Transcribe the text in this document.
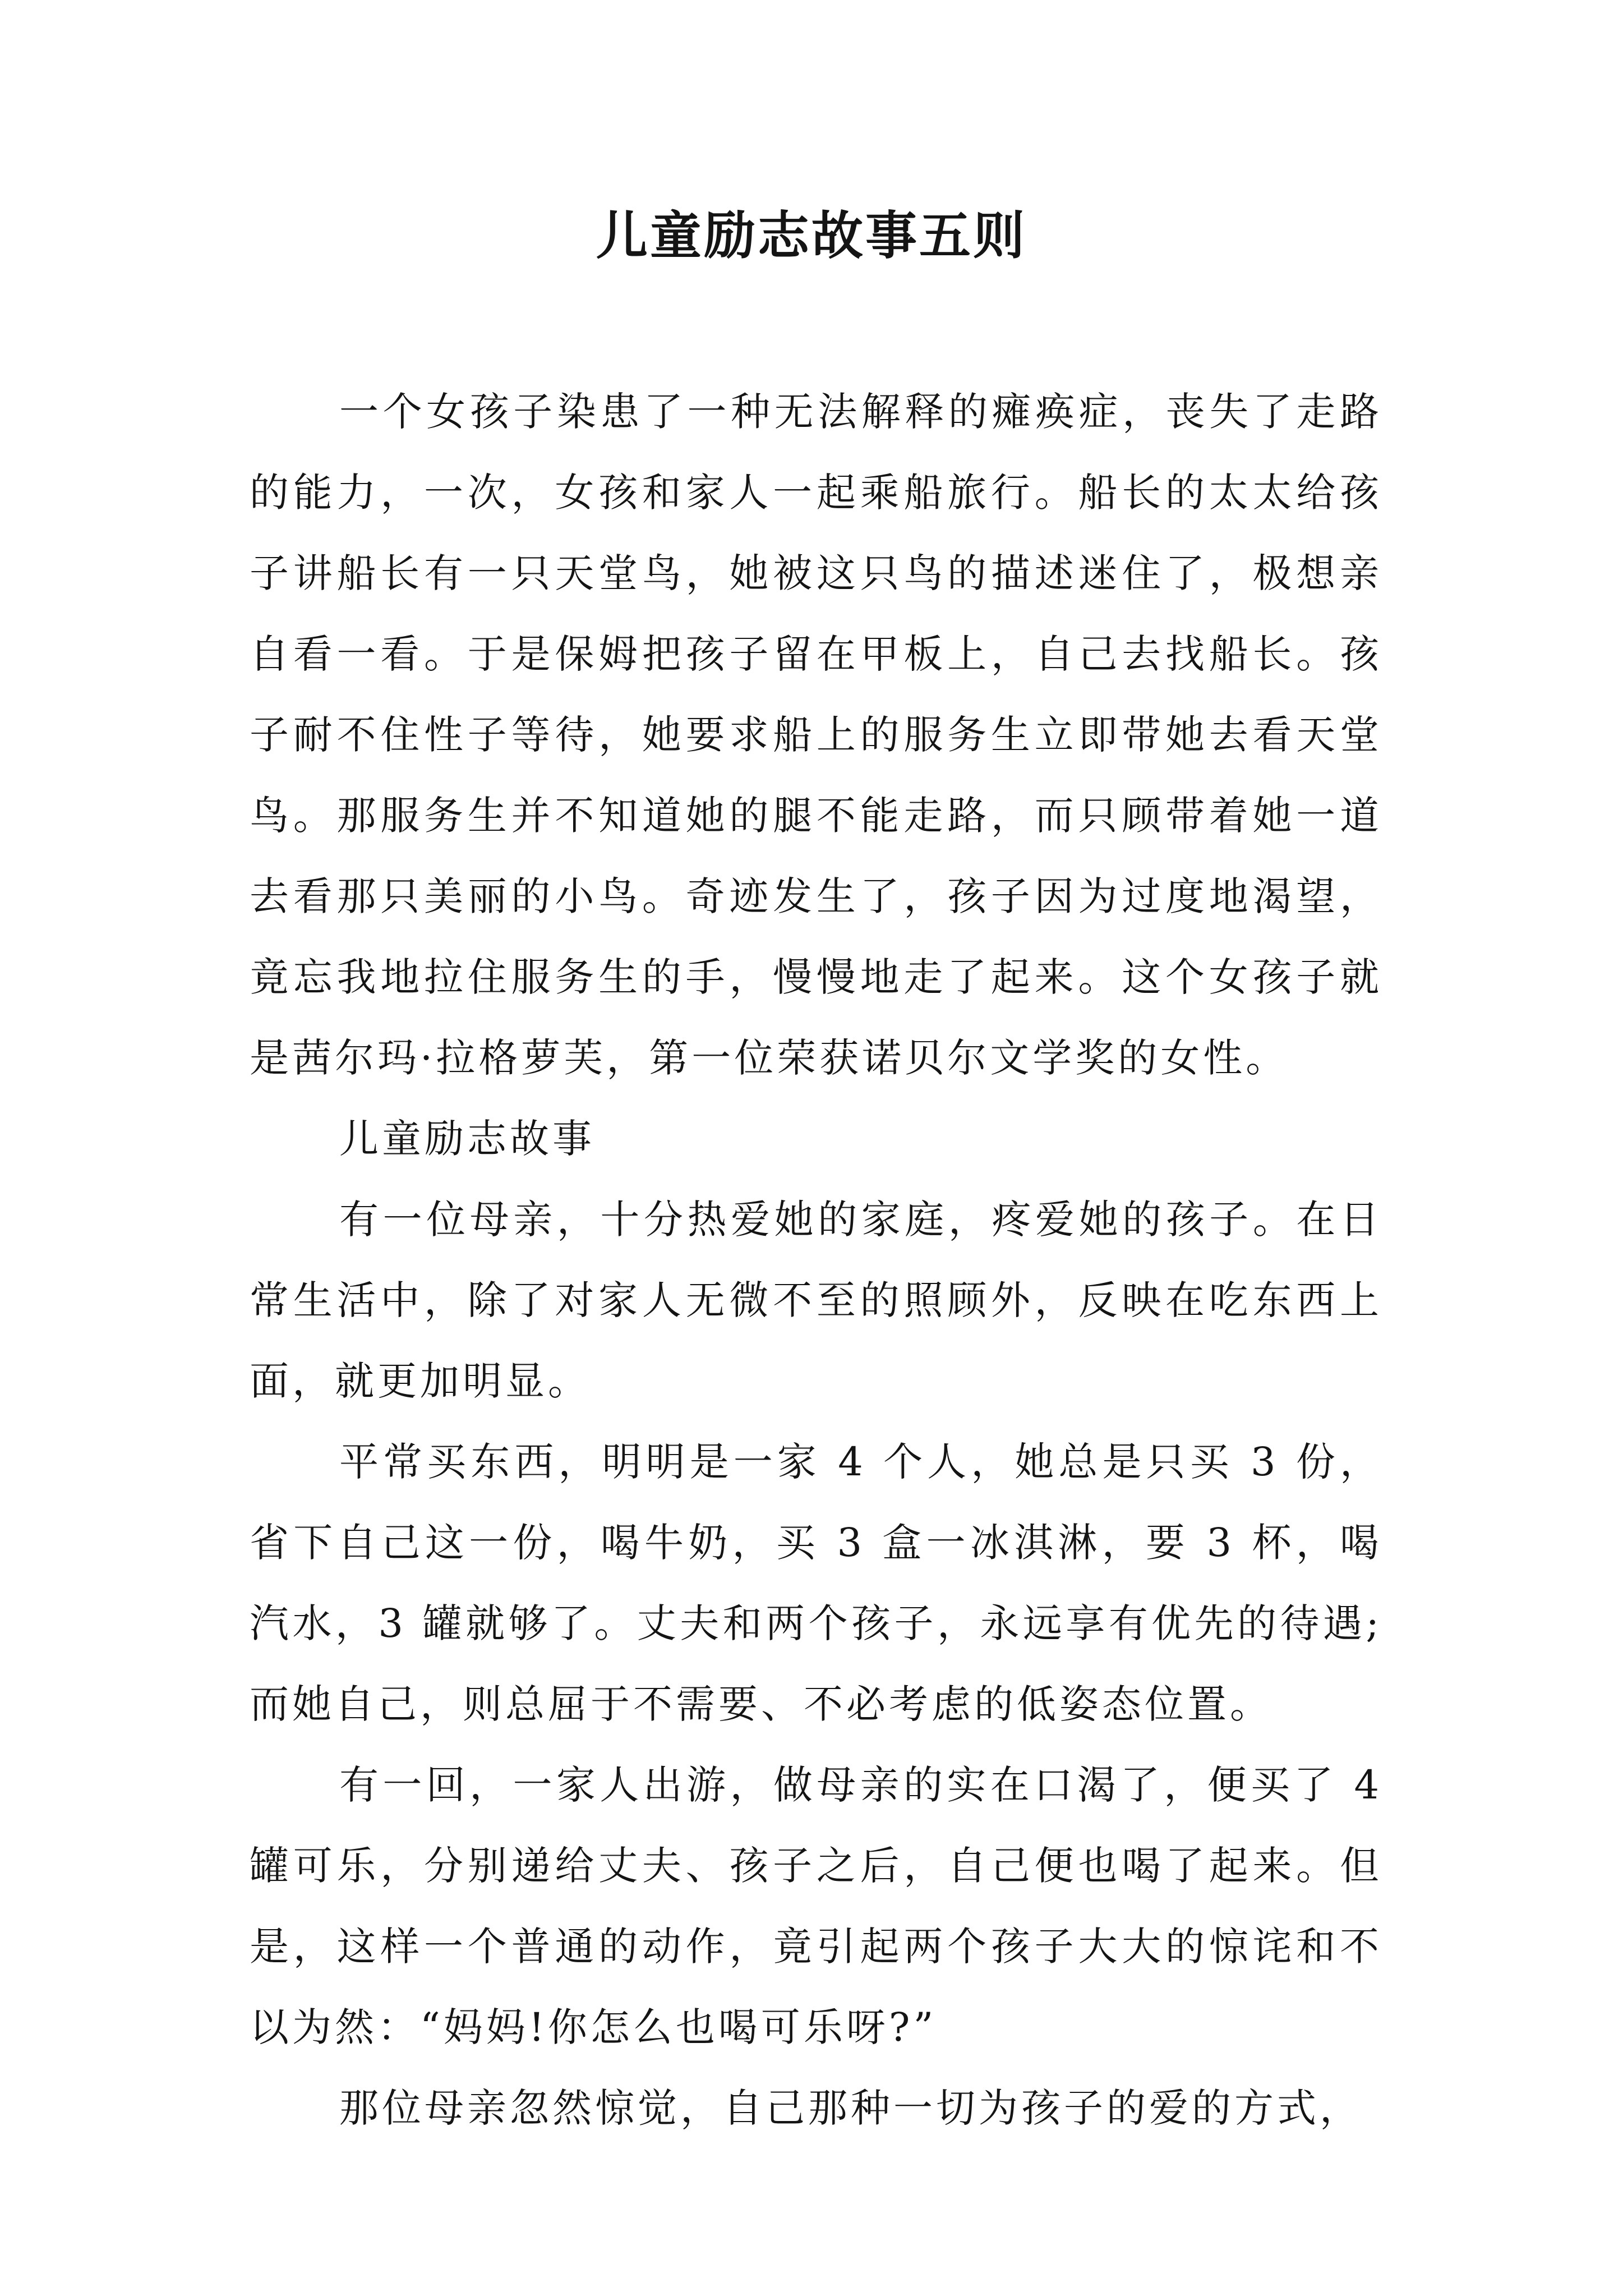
儿童励志故事五则

一个女孩子染患了一种无法解释的瘫痪症，丧失了走路的能力，一次，女孩和家人一起乘船旅行。船长的太太给孩子讲船长有一只天堂鸟，她被这只鸟的描述迷住了，极想亲自看一看。于是保姆把孩子留在甲板上，自己去找船长。孩子耐不住性子等待，她要求船上的服务生立即带她去看天堂鸟。那服务生并不知道她的腿不能走路，而只顾带着她一道去看那只美丽的小鸟。奇迹发生了，孩子因为过度地渴望，竟忘我地拉住服务生的手，慢慢地走了起来。这个女孩子就是茜尔玛·拉格萝芙，第一位荣获诺贝尔文学奖的女性。

儿童励志故事

有一位母亲，十分热爱她的家庭，疼爱她的孩子。在日常生活中，除了对家人无微不至的照顾外，反映在吃东西上面，就更加明显。

平常买东西，明明是一家 4 个人，她总是只买 3 份，省下自己这一份，喝牛奶，买 3 盒一冰淇淋，要 3 杯，喝汽水，3 罐就够了。丈夫和两个孩子，永远享有优先的待遇;而她自己，则总屈于不需要、不必考虑的低姿态位置。

有一回，一家人出游，做母亲的实在口渴了，便买了 4 罐可乐，分别递给丈夫、孩子之后，自己便也喝了起来。但是，这样一个普通的动作，竟引起两个孩子大大的惊诧和不以为然：“妈妈!你怎么也喝可乐呀?”

那位母亲忽然惊觉，自己那种一切为孩子的爱的方式，
